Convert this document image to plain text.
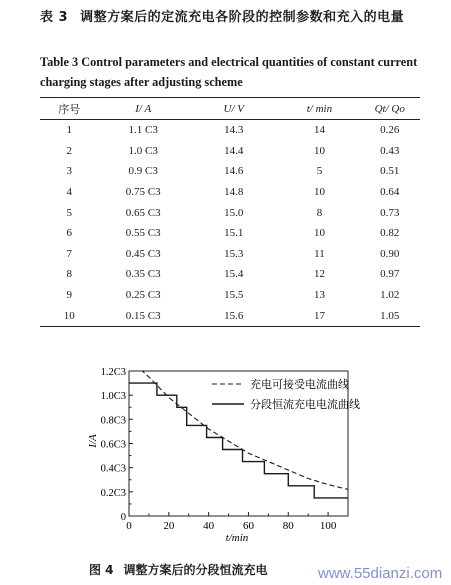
表 3 调整方案后的定流充电各阶段的控制参数和充入的电量
Table 3 Control parameters and electrical quantities of constant current charging stages after adjusting scheme
序号	I/ A	U/ V	t/ min	Qt/ Qo
1	1.1 C3	14.3	14	0.26
2	1.0 C3	14.4	10	0.43
3	0.9 C3	14.6	5	0.51
4	0.75 C3	14.8	10	0.64
5	0.65 C3	15.0	8	0.73
6	0.55 C3	15.1	10	0.82
7	0.45 C3	15.3	11	0.90
8	0.35 C3	15.4	12	0.97
9	0.25 C3	15.5	13	1.02
10	0.15 C3	15.6	17	1.05
0	20	40	60	80 100
0
0.2C3
0.4C3
0.6C3
0.8C3
1.0C3
1.2C3
充电可接受电流曲线
分段恒流充电电流曲线
t/min
I/A
图 4 调整方案后的分段恒流充电	www.55dianzi.com
